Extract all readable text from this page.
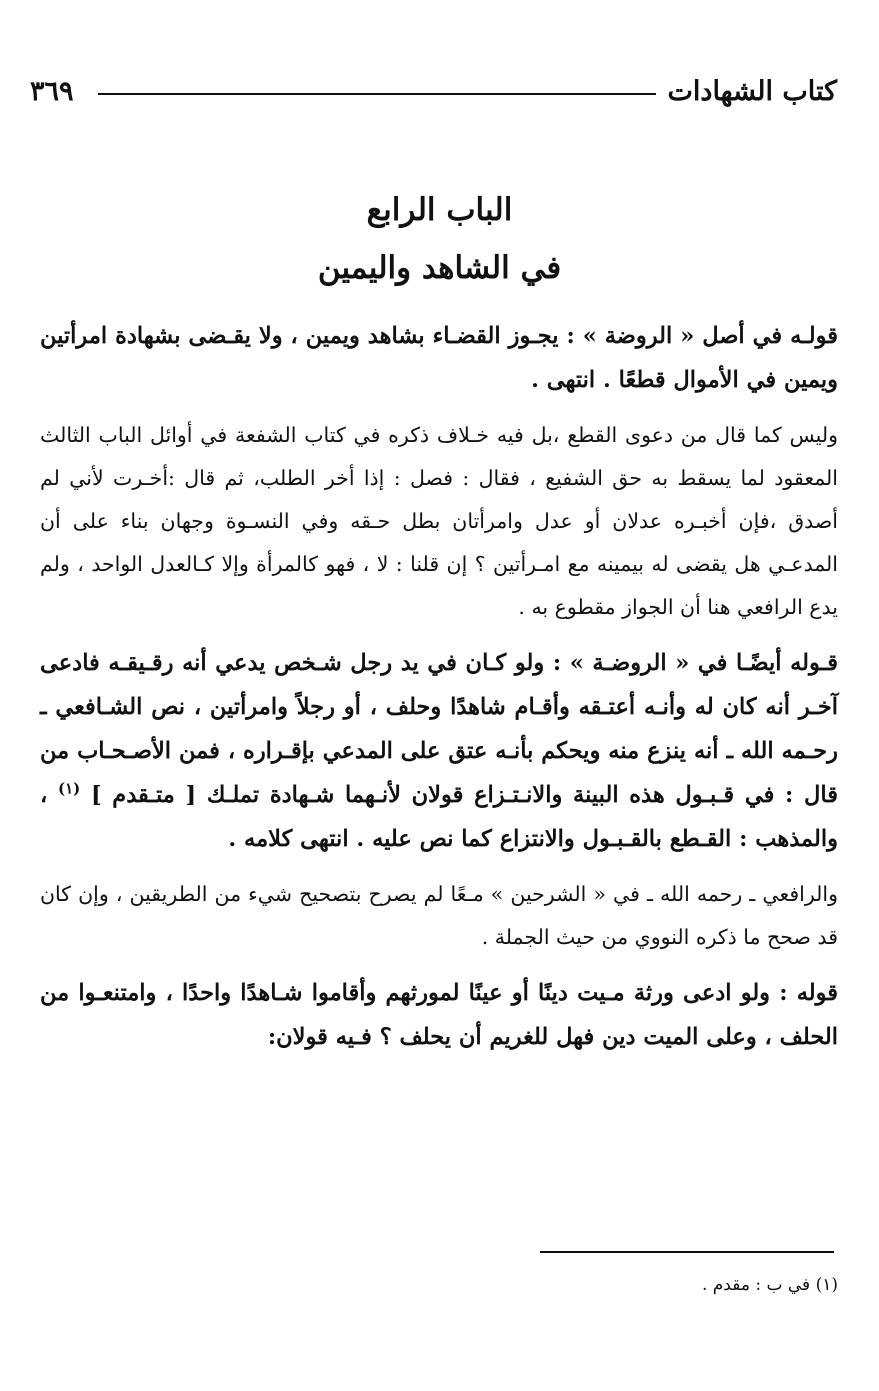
كتاب الشهادات
٣٦٩
الباب الرابع
في الشاهد واليمين

قولـه في أصل « الروضة » : يجـوز القضـاء بشاهد ويمين ، ولا يقـضى بشهادة امرأتين ويمين في الأموال قطعًا . انتهى .

وليس كما قال من دعوى القطع ،بل فيه خـلاف ذكره في كتاب الشفعة في أوائل الباب الثالث المعقود لما يسقط به حق الشفيع ، فقال : فصل : إذا أخر الطلب، ثم قال :أخـرت لأني لم أصدق ،فإن أخبـره عدلان أو عدل وامرأتان بطل حـقه وفي النسـوة وجهان بناء على أن المدعـي هل يقضى له بيمينه مع امـرأتين ؟ إن قلنا : لا ، فهو كالمرأة وإلا كـالعدل الواحد ، ولم يدع الرافعي هنا أن الجواز مقطوع به .

قـوله أيضًـا في « الروضـة » : ولو كـان في يد رجل شـخص يدعي أنه رقـيقـه فادعى آخـر أنه كان له وأنـه أعتـقه وأقـام شاهدًا وحلف ، أو رجلاً وامرأتين ، نص الشـافعي ـ رحـمه الله ـ أنه ينزع منه ويحكم بأنـه عتق على المدعي بإقـراره ، فمن الأصـحـاب من قال : في قـبـول هذه البينة والانـتـزاع قولان لأنـهما شـهادة تملـك [ متـقدم ] $^{(١)}$ ، والمذهب : القـطع بالقـبـول والانتزاع كما نص عليه . انتهى كلامه .

والرافعي ـ رحمه الله ـ في « الشرحين » مـعًا لم يصرح بتصحيح شيء من الطريقين ، وإن كان قد صحح ما ذكره النووي من حيث الجملة .

قوله : ولو ادعى ورثة مـيت دينًا أو عينًا لمورثهم وأقاموا شـاهدًا واحدًا ، وامتنعـوا من الحلف ، وعلى الميت دين فهل للغريم أن يحلف ؟ فـيه قولان:

(١) في ب : مقدم .
